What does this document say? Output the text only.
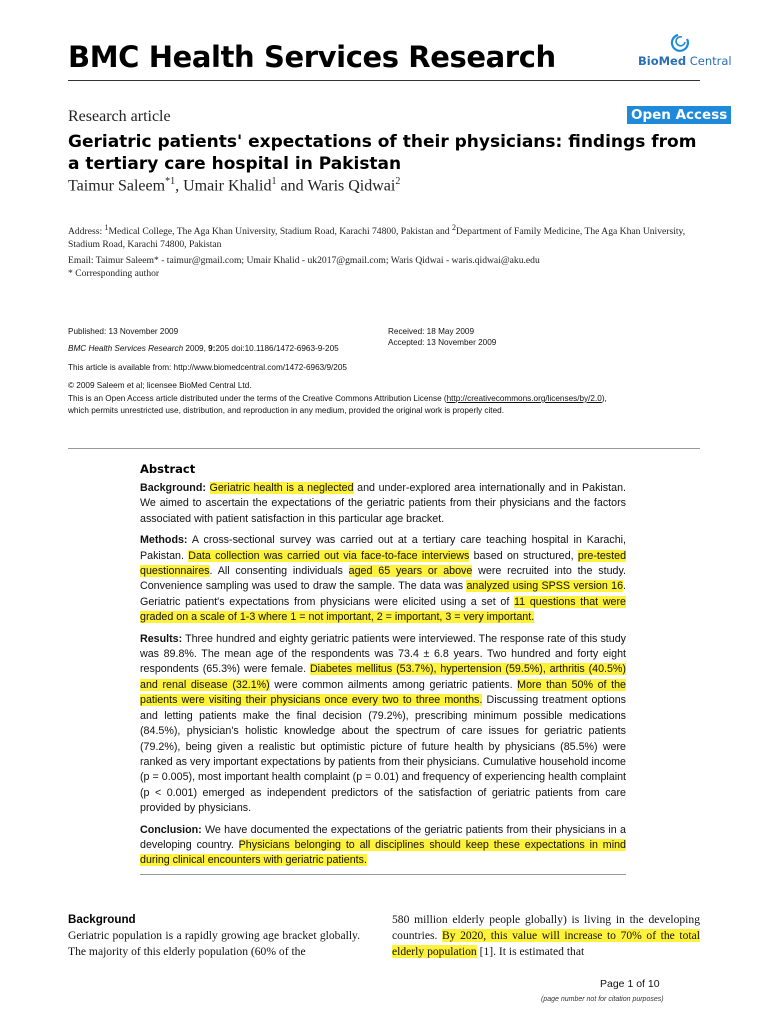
BMC Health Services Research	BioMed Central
Research article	Open Access
Geriatric patients' expectations of their physicians: findings from a tertiary care hospital in Pakistan
Taimur Saleem$^{*1}$, Umair Khalid$^1$ and Waris Qidwai$^2$
Address: $^1$Medical College, The Aga Khan University, Stadium Road, Karachi 74800, Pakistan and $^2$Department of Family Medicine, The Aga Khan University, Stadium Road, Karachi 74800, Pakistan
Email: Taimur Saleem* - taimur@gmail.com; Umair Khalid - uk2017@gmail.com; Waris Qidwai - waris.qidwai@aku.edu
* Corresponding author
Published: 13 November 2009
BMC Health Services Research 2009, 9:205 doi:10.1186/1472-6963-9-205
Received: 18 May 2009
Accepted: 13 November 2009
This article is available from: http://www.biomedcentral.com/1472-6963/9/205
© 2009 Saleem et al; licensee BioMed Central Ltd.
This is an Open Access article distributed under the terms of the Creative Commons Attribution License (http://creativecommons.org/licenses/by/2.0),
which permits unrestricted use, distribution, and reproduction in any medium, provided the original work is properly cited.
Abstract

Background: Geriatric health is a neglected and under-explored area internationally and in Pakistan. We aimed to ascertain the expectations of the geriatric patients from their physicians and the factors associated with patient satisfaction in this particular age bracket.

Methods: A cross-sectional survey was carried out at a tertiary care teaching hospital in Karachi, Pakistan. Data collection was carried out via face-to-face interviews based on structured, pre-tested questionnaires. All consenting individuals aged 65 years or above were recruited into the study. Convenience sampling was used to draw the sample. The data was analyzed using SPSS version 16. Geriatric patient's expectations from physicians were elicited using a set of 11 questions that were graded on a scale of 1-3 where 1 = not important, 2 = important, 3 = very important.

Results: Three hundred and eighty geriatric patients were interviewed. The response rate of this study was 89.8%. The mean age of the respondents was 73.4 ± 6.8 years. Two hundred and forty eight respondents (65.3%) were female. Diabetes mellitus (53.7%), hypertension (59.5%), arthritis (40.5%) and renal disease (32.1%) were common ailments among geriatric patients. More than 50% of the patients were visiting their physicians once every two to three months. Discussing treatment options and letting patients make the final decision (79.2%), prescribing minimum possible medications (84.5%), physician's holistic knowledge about the spectrum of care issues for geriatric patients (79.2%), being given a realistic but optimistic picture of future health by physicians (85.5%) were ranked as very important expectations by patients from their physicians. Cumulative household income (p = 0.005), most important health complaint (p = 0.01) and frequency of experiencing health complaint (p < 0.001) emerged as independent predictors of the satisfaction of geriatric patients from care provided by physicians.

Conclusion: We have documented the expectations of the geriatric patients from their physicians in a developing country. Physicians belonging to all disciplines should keep these expectations in mind during clinical encounters with geriatric patients.

Background
Geriatric population is a rapidly growing age bracket globally. The majority of this elderly population (60% of the
580 million elderly people globally) is living in the developing countries. By 2020, this value will increase to 70% of the total elderly population [1]. It is estimated that
Page 1 of 10
(page number not for citation purposes)
